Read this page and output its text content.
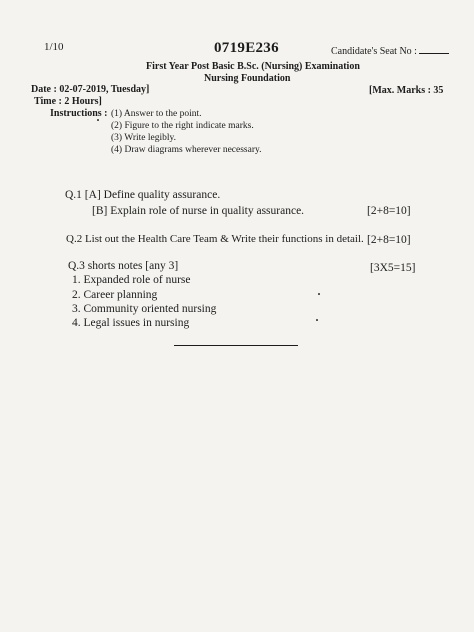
1/10	0719E236	Candidate's Seat No :
First Year Post Basic B.Sc. (Nursing) Examination
Nursing Foundation
Date : 02-07-2019, Tuesday]	[Max. Marks : 35
Time : 2 Hours]
Instructions : (1) Answer to the point.
(2) Figure to the right indicate marks.
(3) Write legibly.
(4) Draw diagrams wherever necessary.
Q.1 [A] Define quality assurance.
[B] Explain role of nurse in quality assurance.	[2+8=10]
Q.2 List out the Health Care Team & Write their functions in detail. [2+8=10]
Q.3 shorts notes [any 3]	[3X5=15]
1. Expanded role of nurse
2. Career planning
3. Community oriented nursing
4. Legal issues in nursing
